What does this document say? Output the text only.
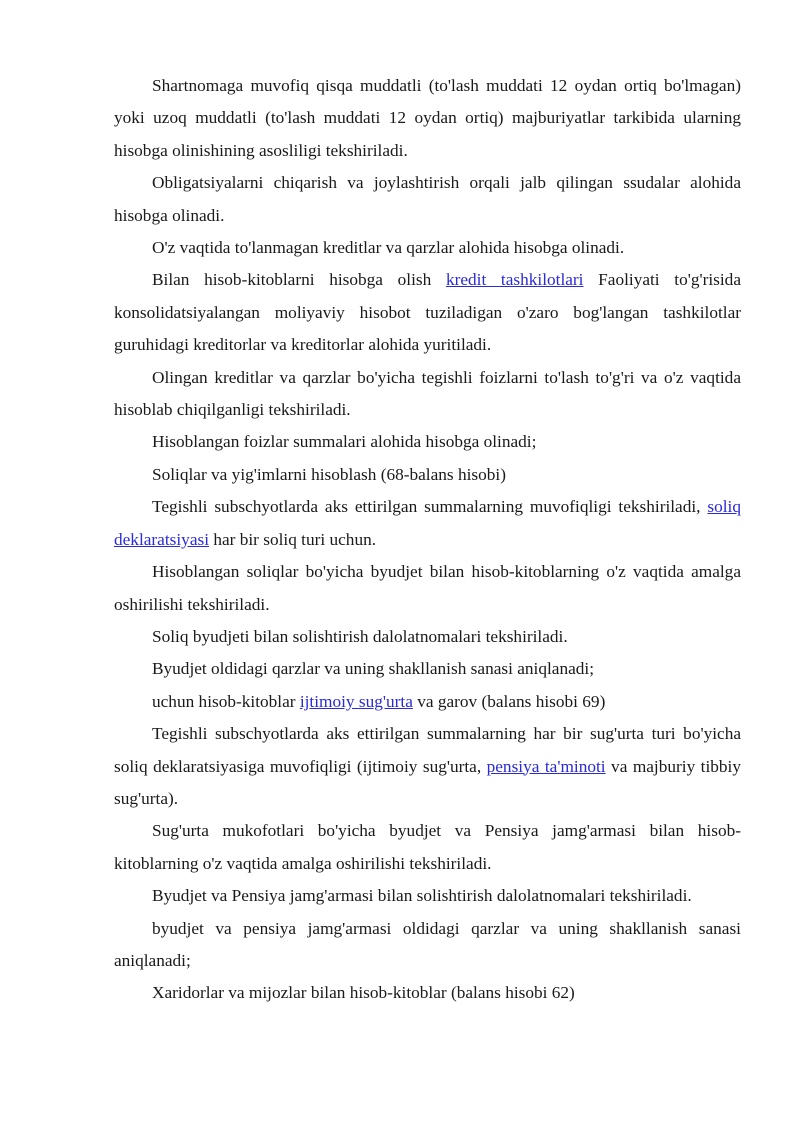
Shartnomaga muvofiq qisqa muddatli (to'lash muddati 12 oydan ortiq bo'lmagan) yoki uzoq muddatli (to'lash muddati 12 oydan ortiq) majburiyatlar tarkibida ularning hisobga olinishining asosliligi tekshiriladi.

Obligatsiyalarni chiqarish va joylashtirish orqali jalb qilingan ssudalar alohida hisobga olinadi.

O'z vaqtida to'lanmagan kreditlar va qarzlar alohida hisobga olinadi.

Bilan hisob-kitoblarni hisobga olish kredit tashkilotlari Faoliyati to'g'risida konsolidatsiyalangan moliyaviy hisobot tuziladigan o'zaro bog'langan tashkilotlar guruhidagi kreditorlar va kreditorlar alohida yuritiladi.

Olingan kreditlar va qarzlar bo'yicha tegishli foizlarni to'lash to'g'ri va o'z vaqtida hisoblab chiqilganligi tekshiriladi.

Hisoblangan foizlar summalari alohida hisobga olinadi;

Soliqlar va yig'imlarni hisoblash (68-balans hisobi)

Tegishli subschyotlarda aks ettirilgan summalarning muvofiqligi tekshiriladi, soliq deklaratsiyasi har bir soliq turi uchun.

Hisoblangan soliqlar bo'yicha byudjet bilan hisob-kitoblarning o'z vaqtida amalga oshirilishi tekshiriladi.

Soliq byudjeti bilan solishtirish dalolatnomalari tekshiriladi.

Byudjet oldidagi qarzlar va uning shakllanish sanasi aniqlanadi;

uchun hisob-kitoblar ijtimoiy sug'urta va garov (balans hisobi 69)

Tegishli subschyotlarda aks ettirilgan summalarning har bir sug'urta turi bo'yicha soliq deklaratsiyasiga muvofiqligi (ijtimoiy sug'urta, pensiya ta'minoti va majburiy tibbiy sug'urta).

Sug'urta mukofotlari bo'yicha byudjet va Pensiya jamg'armasi bilan hisob-kitoblarning o'z vaqtida amalga oshirilishi tekshiriladi.

Byudjet va Pensiya jamg'armasi bilan solishtirish dalolatnomalari tekshiriladi.

byudjet va pensiya jamg'armasi oldidagi qarzlar va uning shakllanish sanasi aniqlanadi;

Xaridorlar va mijozlar bilan hisob-kitoblar (balans hisobi 62)
